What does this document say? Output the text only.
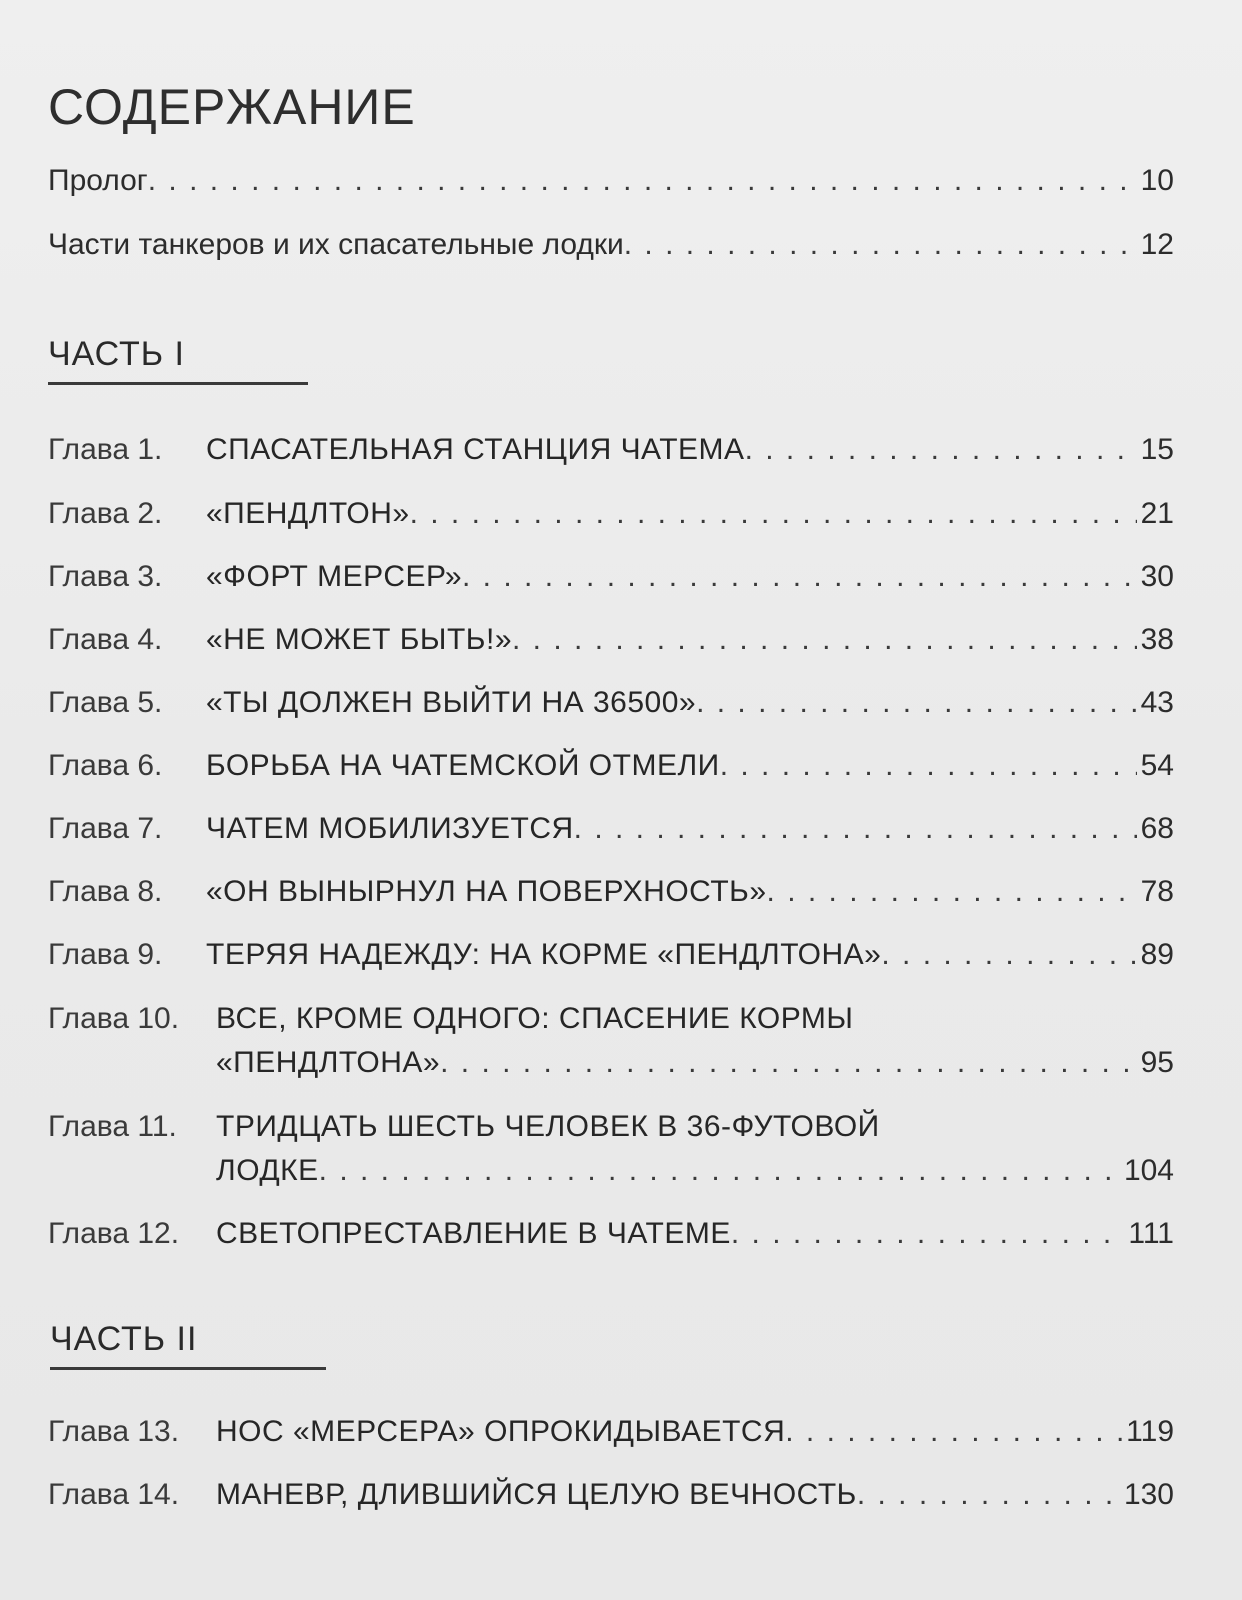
СОДЕРЖАНИЕ
Пролог . . .	10
Части танкеров и их спасательные лодки . . .	12
ЧАСТЬ I
Глава 1.	СПАСАТЕЛЬНАЯ СТАНЦИЯ ЧАТЕМА . . .	15
Глава 2.	«ПЕНДЛТОН» . . .	21
Глава 3.	«ФОРТ МЕРСЕР» . . .	30
Глава 4.	«НЕ МОЖЕТ БЫТЬ!» . . .	38
Глава 5.	«ТЫ ДОЛЖЕН ВЫЙТИ НА 36500» . . .	43
Глава 6.	БОРЬБА НА ЧАТЕМСКОЙ ОТМЕЛИ . . .	54
Глава 7.	ЧАТЕМ МОБИЛИЗУЕТСЯ . . .	68
Глава 8.	«ОН ВЫНЫРНУЛ НА ПОВЕРХНОСТЬ» . . .	78
Глава 9.	ТЕРЯЯ НАДЕЖДУ: НА КОРМЕ «ПЕНДЛТОНА» . . .	89
Глава 10.	ВСЕ, КРОМЕ ОДНОГО: СПАСЕНИЕ КОРМЫ
«ПЕНДЛТОНА» . . .	95
Глава 11.	ТРИДЦАТЬ ШЕСТЬ ЧЕЛОВЕК В 36-ФУТОВОЙ
ЛОДКЕ . . .	104
Глава 12.	СВЕТОПРЕСТАВЛЕНИЕ В ЧАТЕМЕ . . .	111
ЧАСТЬ II
Глава 13.	НОС «МЕРСЕРА» ОПРОКИДЫВАЕТСЯ . . .	119
Глава 14.	МАНЕВР, ДЛИВШИЙСЯ ЦЕЛУЮ ВЕЧНОСТЬ . . .	130
